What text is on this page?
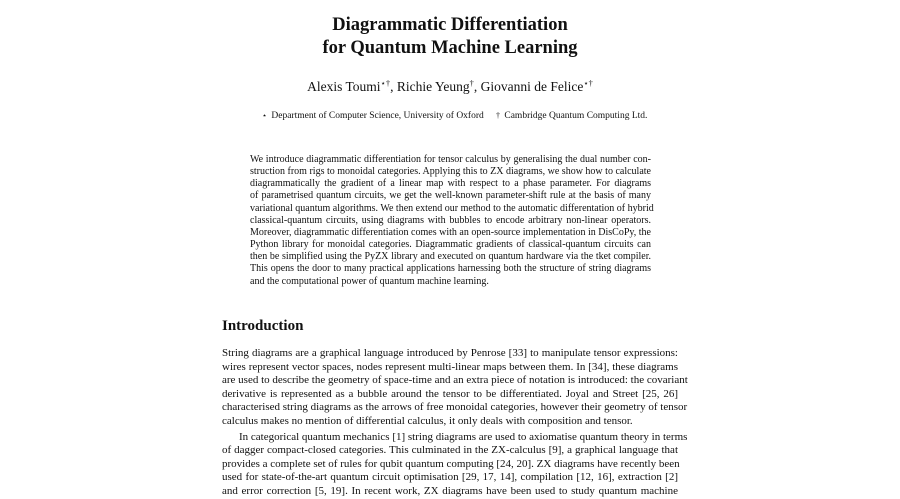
Diagrammatic Differentiation
for Quantum Machine Learning
Alexis Toumi⋆†, Richie Yeung†, Giovanni de Felice⋆†
⋆ Department of Computer Science, University of Oxford † Cambridge Quantum Computing Ltd.
We introduce diagrammatic differentiation for tensor calculus by generalising the dual number con-
struction from rigs to monoidal categories. Applying this to ZX diagrams, we show how to calculate
diagrammatically the gradient of a linear map with respect to a phase parameter. For diagrams
of parametrised quantum circuits, we get the well-known parameter-shift rule at the basis of many
variational quantum algorithms. We then extend our method to the automatic differentation of hybrid
classical-quantum circuits, using diagrams with bubbles to encode arbitrary non-linear operators.
Moreover, diagrammatic differentiation comes with an open-source implementation in DisCoPy, the
Python library for monoidal categories. Diagrammatic gradients of classical-quantum circuits can
then be simplified using the PyZX library and executed on quantum hardware via the tket compiler.
This opens the door to many practical applications harnessing both the structure of string diagrams
and the computational power of quantum machine learning.
Introduction
String diagrams are a graphical language introduced by Penrose [33] to manipulate tensor expressions:
wires represent vector spaces, nodes represent multi-linear maps between them. In [34], these diagrams
are used to describe the geometry of space-time and an extra piece of notation is introduced: the covariant
derivative is represented as a bubble around the tensor to be differentiated. Joyal and Street [25, 26]
characterised string diagrams as the arrows of free monoidal categories, however their geometry of tensor
calculus makes no mention of differential calculus, it only deals with composition and tensor.
In categorical quantum mechanics [1] string diagrams are used to axiomatise quantum theory in terms
of dagger compact-closed categories. This culminated in the ZX-calculus [9], a graphical language that
provides a complete set of rules for qubit quantum computing [24, 20]. ZX diagrams have recently been
used for state-of-the-art quantum circuit optimisation [29, 17, 14], compilation [12, 16], extraction [2]
and error correction [5, 19]. In recent work, ZX diagrams have been used to study quantum machine
